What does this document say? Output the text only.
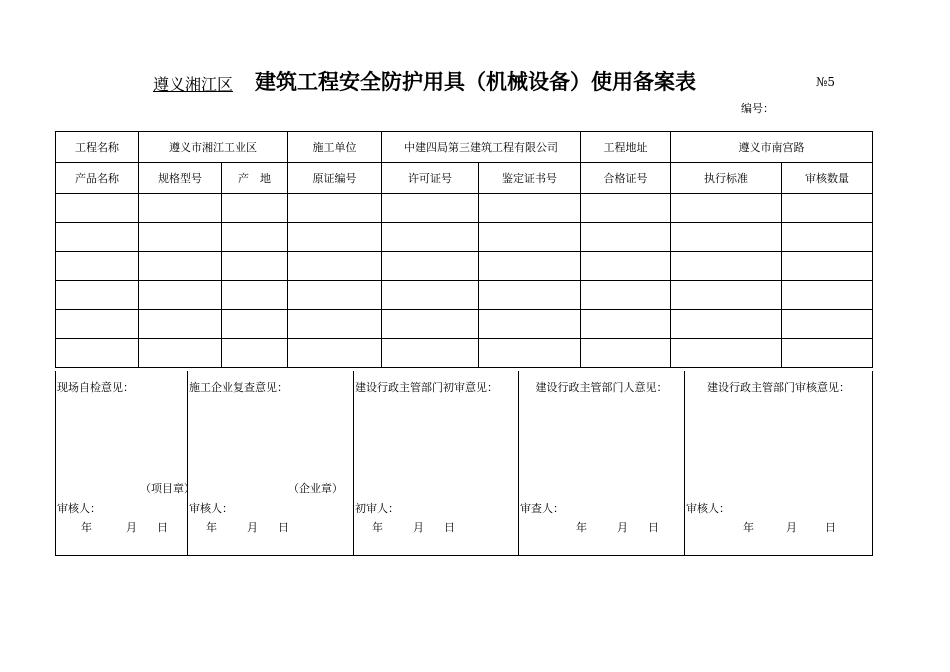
遵义湘江区 建筑工程安全防护用具（机械设备）使用备案表	№5
编号：
工程名称	遵义市湘江工业区		施工单位	中建四局第三建筑工程有限公司		工程地址	遵义市南宫路	
产品名称	规格型号	产　地	原证编号	许可证号	鉴定证书号	合格证号	执行标准	审核数量

现场自检意见：
（项目章）
审核人：
年	月 日

施工企业复查意见：
（企业章）
审核人：
年	月 日

建设行政主管部门初审意见：
初审人：
年	月 日

建设行政主管部门人意见：
审查人：
年	月 日

建设行政主管部门审核意见：
审核人：
年	月	日
